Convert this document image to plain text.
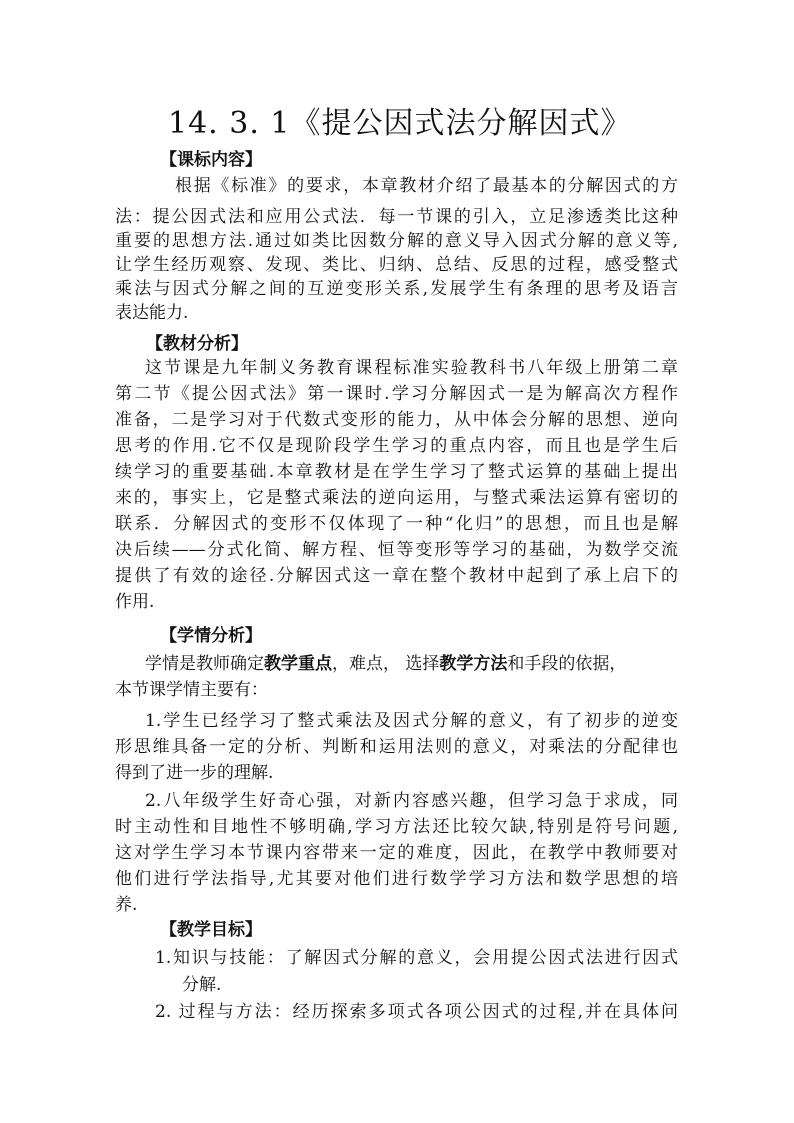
14. 3. 1《提公因式法分解因式》
【课标内容】
根据《标准》的要求，本章教材介绍了最基本的分解因式的方
法：提公因式法和应用公式法．每一节课的引入，立足渗透类比这种
重要的思想方法.通过如类比因数分解的意义导入因式分解的意义等,
让学生经历观察、发现、类比、归纳、总结、反思的过程，感受整式
乘法与因式分解之间的互逆变形关系,发展学生有条理的思考及语言
表达能力.
【教材分析】
这节课是九年制义务教育课程标准实验教科书八年级上册第二章
第二节《提公因式法》第一课时.学习分解因式一是为解高次方程作
准备，二是学习对于代数式变形的能力，从中体会分解的思想、逆向
思考的作用.它不仅是现阶段学生学习的重点内容，而且也是学生后
续学习的重要基础.本章教材是在学生学习了整式运算的基础上提出
来的，事实上，它是整式乘法的逆向运用，与整式乘法运算有密切的
联系．分解因式的变形不仅体现了一种“化归”的思想，而且也是解
决后续——分式化简、解方程、恒等变形等学习的基础，为数学交流
提供了有效的途径.分解因式这一章在整个教材中起到了承上启下的
作用.
【学情分析】
学情是教师确定教学重点，难点， 选择教学方法和手段的依据，
本节课学情主要有：
1.学生已经学习了整式乘法及因式分解的意义，有了初步的逆变
形思维具备一定的分析、判断和运用法则的意义，对乘法的分配律也
得到了进一步的理解.
2.八年级学生好奇心强，对新内容感兴趣，但学习急于求成，同
时主动性和目地性不够明确,学习方法还比较欠缺,特别是符号问题,
这对学生学习本节课内容带来一定的难度，因此，在教学中教师要对
他们进行学法指导,尤其要对他们进行数学学习方法和数学思想的培
养.
【教学目标】
1.知识与技能：了解因式分解的意义，会用提公因式法进行因式
分解.
2. 过程与方法：经历探索多项式各项公因式的过程,并在具体问
